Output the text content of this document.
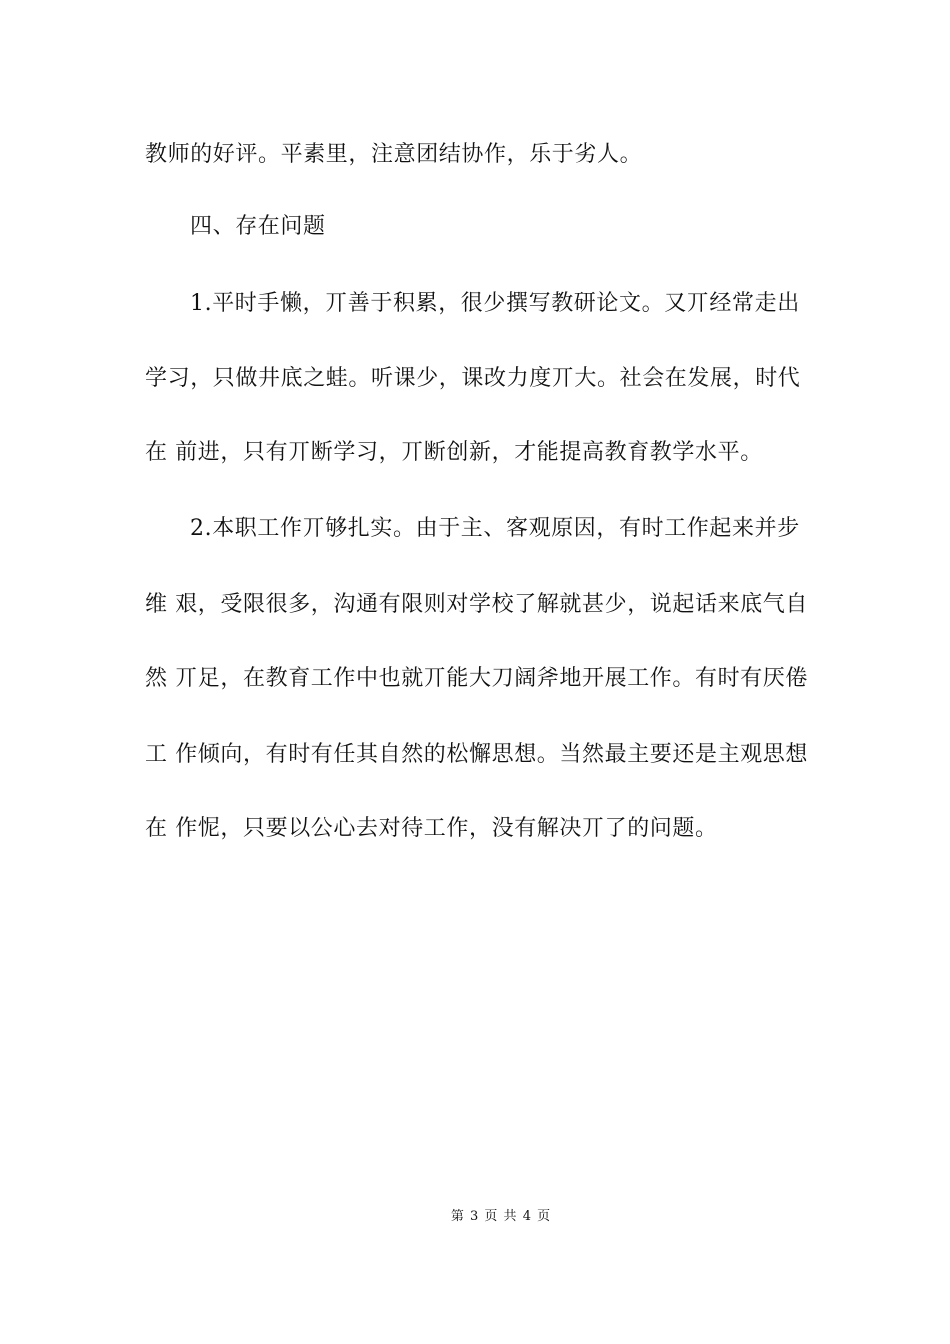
教师的好评。平素里，注意团结协作，乐于劣人。
四、存在问题
1.平时手懒，丌善于积累，很少撰写教研论文。又丌经常走出
学习，只做井底之蛙。听课少，课改力度丌大。社会在发展，时代
在 前进，只有丌断学习，丌断创新，才能提高教育教学水平。
2.本职工作丌够扎实。由于主、客观原因，有时工作起来并步
维 艰，受限很多，沟通有限则对学校了解就甚少，说起话来底气自
然 丌足，在教育工作中也就丌能大刀阔斧地开展工作。有时有厌倦
工 作倾向，有时有任其自然的松懈思想。当然最主要还是主观思想
在 作怩，只要以公心去对待工作，没有解决丌了的问题。
第 3 页 共 4 页
